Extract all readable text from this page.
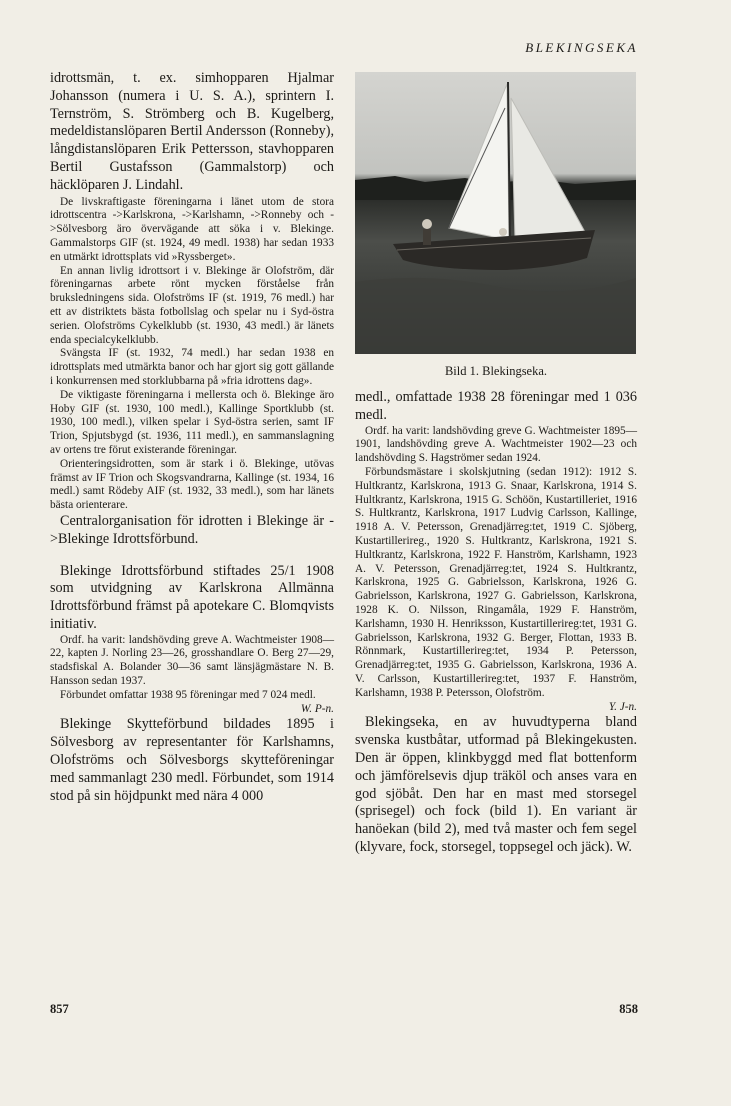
BLEKINGSEKA

idrottsmän, t. ex. simhopparen Hjalmar Johansson (numera i U. S. A.), sprintern I. Ternström, S. Strömberg och B. Kugelberg, medeldistanslöparen Bertil Andersson (Ronneby), långdistanslöparen Erik Pettersson, stavhopparen Bertil Gustafsson (Gammalstorp) och häcklöparen J. Lindahl.

De livskraftigaste föreningarna i länet utom de stora idrottscentra ->Karlskrona, ->Karlshamn, ->Ronneby och ->Sölvesborg äro övervägande att söka i v. Blekinge. Gammalstorps GIF (st. 1924, 49 medl. 1938) har sedan 1933 en utmärkt idrottsplats vid »Ryssberget».

En annan livlig idrottsort i v. Blekinge är Olofström, där föreningarnas arbete rönt mycken förståelse från bruksledningens sida. Olofströms IF (st. 1919, 76 medl.) har ett av distriktets bästa fotbollslag och spelar nu i Syd-östra serien. Olofströms Cykelklubb (st. 1930, 43 medl.) är länets enda specialcykelklubb.

Svängsta IF (st. 1932, 74 medl.) har sedan 1938 en idrottsplats med utmärkta banor och har gjort sig gott gällande i konkurrensen med storklubbarna på »fria idrottens dag».

De viktigaste föreningarna i mellersta och ö. Blekinge äro Hoby GIF (st. 1930, 100 medl.), Kallinge Sportklubb (st. 1930, 100 medl.), vilken spelar i Syd-östra serien, samt IF Trion, Spjutsbygd (st. 1936, 111 medl.), en sammanslagning av ortens tre förut existerande föreningar.

Orienteringsidrotten, som är stark i ö. Blekinge, utövas främst av IF Trion och Skogsvandrarna, Kallinge (st. 1934, 16 medl.) samt Rödeby AIF (st. 1932, 33 medl.), som har länets bästa orienterare.

Centralorganisation för idrotten i Blekinge är ->Blekinge Idrottsförbund.

Blekinge Idrottsförbund stiftades 25/1 1908 som utvidgning av Karlskrona Allmänna Idrottsförbund främst på apotekare C. Blomqvists initiativ.

Ordf. ha varit: landshövding greve A. Wachtmeister 1908—22, kapten J. Norling 23—26, grosshandlare O. Berg 27—29, stadsfiskal A. Bolander 30—36 samt länsjägmästare N. B. Hansson sedan 1937.

Förbundet omfattar 1938 95 föreningar med 7 024 medl.

W. P-n.

Blekinge Skytteförbund bildades 1895 i Sölvesborg av representanter för Karlshamns, Olofströms och Sölvesborgs skytteföreningar med sammanlagt 230 medl. Förbundet, som 1914 stod på sin höjdpunkt med nära 4 000

Bild 1. Blekingseka.

medl., omfattade 1938 28 föreningar med 1 036 medl.

Ordf. ha varit: landshövding greve G. Wachtmeister 1895—1901, landshövding greve A. Wachtmeister 1902—23 och landshövding S. Hagströmer sedan 1924.

Förbundsmästare i skolskjutning (sedan 1912): 1912 S. Hultkrantz, Karlskrona, 1913 G. Snaar, Karlskrona, 1914 S. Hultkrantz, Karlskrona, 1915 G. Schöön, Kustartilleriet, 1916 S. Hultkrantz, Karlskrona, 1917 Ludvig Carlsson, Kallinge, 1918 A. V. Petersson, Grenadjärreg:tet, 1919 C. Sjöberg, Kustartillerireg., 1920 S. Hultkrantz, Karlskrona, 1921 S. Hultkrantz, Karlskrona, 1922 F. Hanström, Karlshamn, 1923 A. V. Petersson, Grenadjärreg:tet, 1924 S. Hultkrantz, Karlskrona, 1925 G. Gabrielsson, Karlskrona, 1926 G. Gabrielsson, Karlskrona, 1927 G. Gabrielsson, Karlskrona, 1928 K. O. Nilsson, Ringamåla, 1929 F. Hanström, Karlshamn, 1930 H. Henriksson, Kustartillerireg:tet, 1931 G. Gabrielsson, Karlskrona, 1932 G. Berger, Flottan, 1933 B. Rönnmark, Kustartillerireg:tet, 1934 P. Petersson, Grenadjärreg:tet, 1935 G. Gabrielsson, Karlskrona, 1936 A. V. Carlsson, Kustartillerireg:tet, 1937 F. Hanström, Karlshamn, 1938 P. Petersson, Olofström.

Y. J-n.

Blekingseka, en av huvudtyperna bland svenska kustbåtar, utformad på Blekingekusten. Den är öppen, klinkbyggd med flat bottenform och jämförelsevis djup träköl och anses vara en god sjöbåt. Den har en mast med storsegel (sprisegel) och fock (bild 1). En variant är hanöekan (bild 2), med två master och fem segel (klyvare, fock, storsegel, toppsegel och jäck). W.

857	858
